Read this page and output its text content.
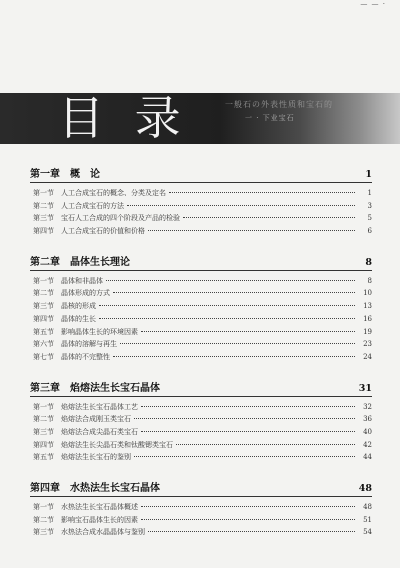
— — ·
一般石の外表性质和宝石的
一 · 下业宝石
目 录
第一章 概　论	1
第一节 人工合成宝石的概念、分类及定名	1
第二节 人工合成宝石的方法	3
第三节 宝石人工合成的四个阶段及产品的检验	5
第四节 人工合成宝石的价值和价格	6
第二章 晶体生长理论	8
第一节 晶体和非晶体	8
第二节 晶体形成的方式	10
第三节 晶核的形成	13
第四节 晶体的生长	16
第五节 影响晶体生长的环境因素	19
第六节 晶体的溶解与再生	23
第七节 晶体的不完整性	24
第三章 焰熔法生长宝石晶体	31
第一节 焰熔法生长宝石晶体工艺	32
第二节 焰熔法合成刚玉类宝石	36
第三节 焰熔法合成尖晶石类宝石	40
第四节 焰熔法生长尖晶石类和钛酸锶类宝石	42
第五节 焰熔法生长宝石的鉴别	44
第四章 水热法生长宝石晶体	48
第一节 水热法生长宝石晶体概述	48
第二节 影响宝石晶体生长的因素	51
第三节 水热法合成水晶晶体与鉴别	54
